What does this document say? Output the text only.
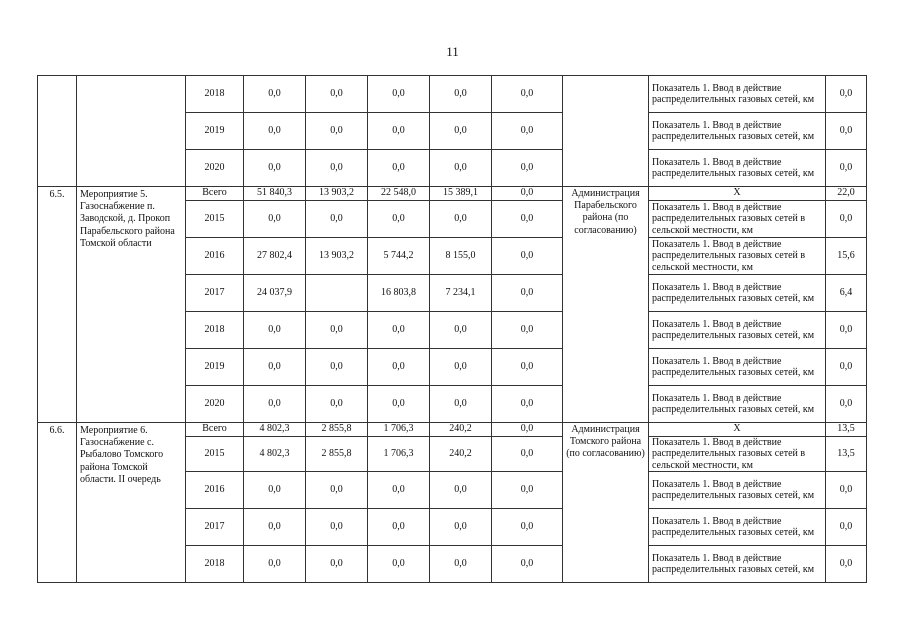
11
		2018	0,0	0,0	0,0	0,0	0,0		Показатель 1. Ввод в действие распределительных газовых сетей, км	0,0
		2019	0,0	0,0	0,0	0,0	0,0		Показатель 1. Ввод в действие распределительных газовых сетей, км	0,0
		2020	0,0	0,0	0,0	0,0	0,0		Показатель 1. Ввод в действие распределительных газовых сетей, км	0,0
6.5.	Мероприятие 5. Газоснабжение п. Заводской, д. Прокоп Парабельского района Томской области	Всего	51 840,3	13 903,2	22 548,0	15 389,1	0,0	Администрация Парабельского района (по согласованию)	Х	22,0
		2015	0,0	0,0	0,0	0,0	0,0		Показатель 1. Ввод в действие распределительных газовых сетей в сельской местности, км	0,0
		2016	27 802,4	13 903,2	5 744,2	8 155,0	0,0		Показатель 1. Ввод в действие распределительных газовых сетей в сельской местности, км	15,6
		2017	24 037,9		16 803,8	7 234,1	0,0		Показатель 1. Ввод в действие распределительных газовых сетей, км	6,4
		2018	0,0	0,0	0,0	0,0	0,0		Показатель 1. Ввод в действие распределительных газовых сетей, км	0,0
		2019	0,0	0,0	0,0	0,0	0,0		Показатель 1. Ввод в действие распределительных газовых сетей, км	0,0
		2020	0,0	0,0	0,0	0,0	0,0		Показатель 1. Ввод в действие распределительных газовых сетей, км	0,0
6.6.	Мероприятие 6. Газоснабжение с. Рыбалово Томского района Томской области. II очередь	Всего	4 802,3	2 855,8	1 706,3	240,2	0,0	Администрация Томского района (по согласованию)	Х	13,5
		2015	4 802,3	2 855,8	1 706,3	240,2	0,0		Показатель 1. Ввод в действие распределительных газовых сетей в сельской местности, км	13,5
		2016	0,0	0,0	0,0	0,0	0,0		Показатель 1. Ввод в действие распределительных газовых сетей, км	0,0
		2017	0,0	0,0	0,0	0,0	0,0		Показатель 1. Ввод в действие распределительных газовых сетей, км	0,0
		2018	0,0	0,0	0,0	0,0	0,0		Показатель 1. Ввод в действие распределительных газовых сетей, км	0,0
